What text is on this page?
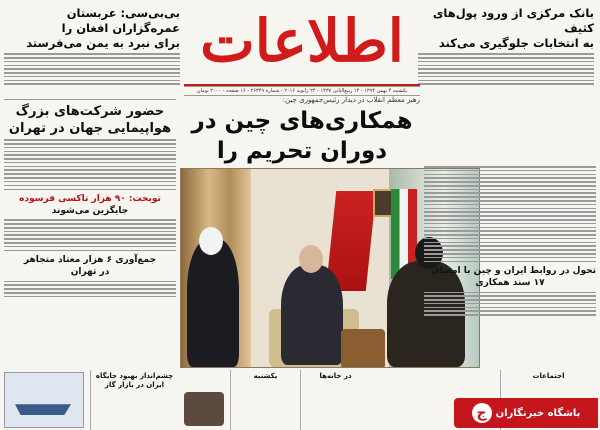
اطلاعات	بانک مرکزی از ورود پول‌های کثیف
به انتخابات جلوگیری می‌کند
بی‌بی‌سی: عربستان عمره‌گزاران افغان را
برای نبرد به یمن می‌فرستد
یکشنبه ۴ بهمن ۱۳۹۴ - ۱۴ ربیع‌الثانی ۱۴۳۷ - ۲۴ ژانویه ۲۰۱۶ - شماره ۲۶۳۴۹ - ۱۶ صفحه - ۲۰۰۰ تومان
رهبر معظم انقلاب در دیدار رئیس‌جمهوری چین:
همکاری‌های چین در دوران تحریم را
حضور شرکت‌های بزرگ
هواپیمایی جهان در تهران
توبخت: ۹۰ هزار تاکسی فرسوده
جایگزین می‌شوند
جمع‌آوری ۶ هزار معتاد متجاهر
در تهران	تحول در روابط ایران و چین با امضای
۱۷ سند همکاری
چشم‌انداز بهبود جایگاه ایران در بازار گاز
یکشنبه	در خانه‌ها	اجتماعات
باشگاه خبرنگاران
ج
